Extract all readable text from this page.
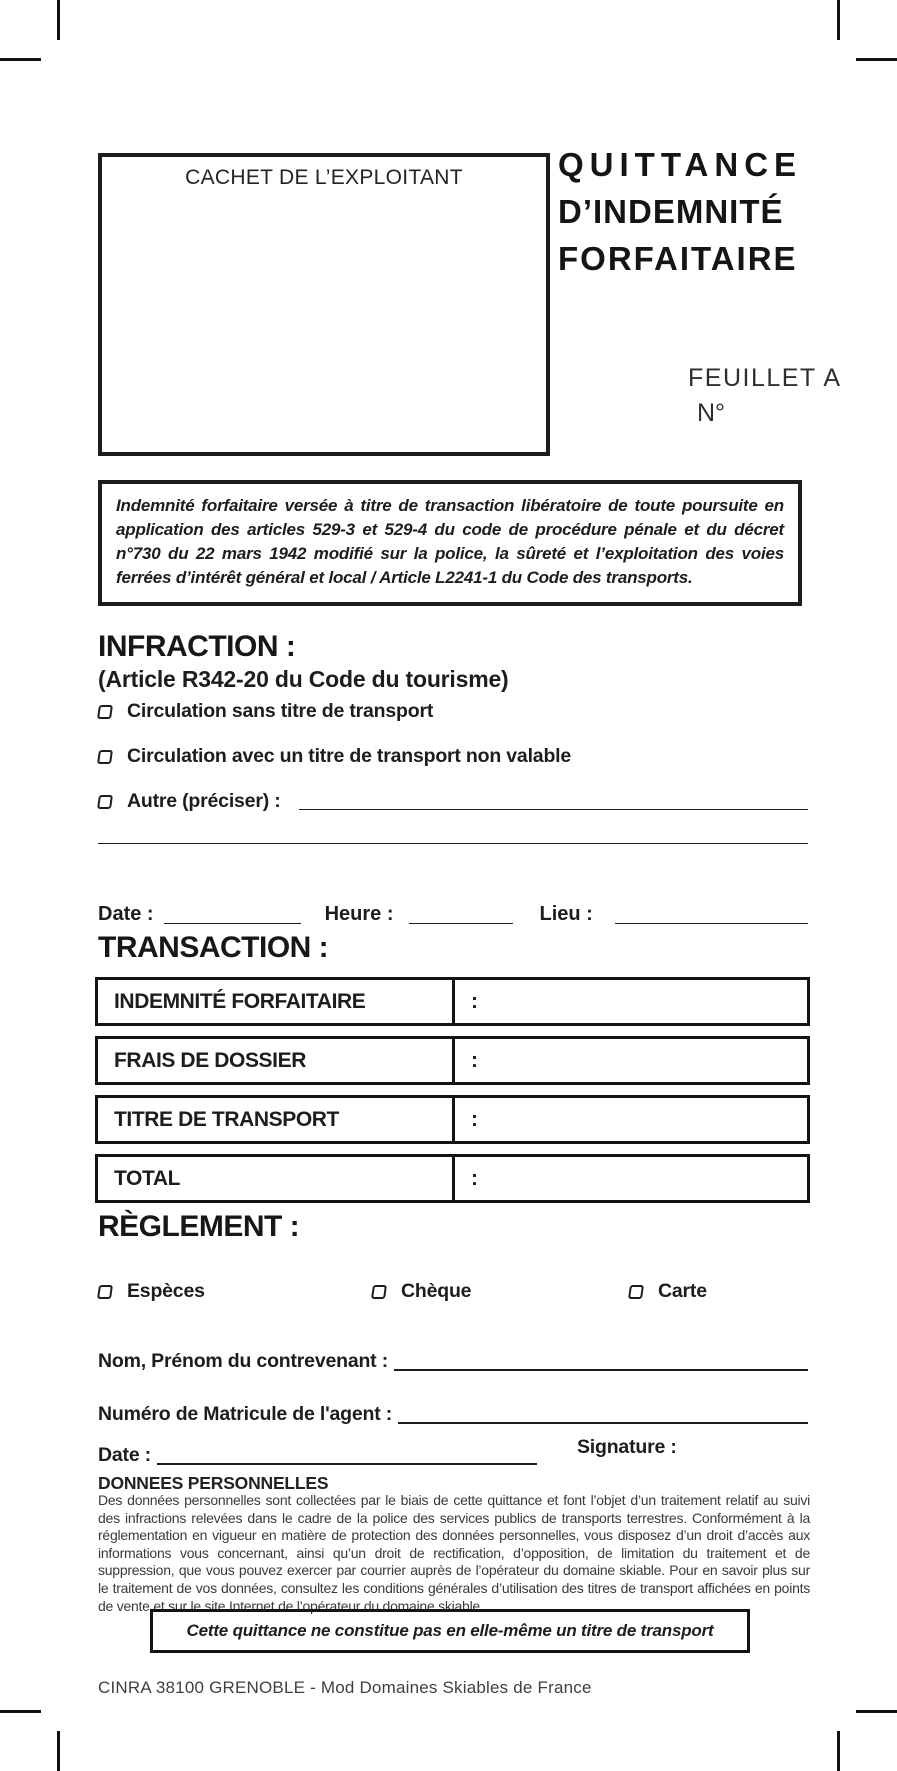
CACHET DE L’EXPLOITANT	QUITTANCE
D’INDEMNITÉ
FORFAITAIRE
FEUILLET A
N°
Indemnité forfaitaire versée à titre de transaction libératoire de toute poursuite en application des articles 529-3 et 529-4 du code de procédure pénale et du décret n°730 du 22 mars 1942 modifié sur la police, la sûreté et l’exploitation des voies ferrées d’intérêt général et local / Article L2241-1 du Code des transports.
INFRACTION :
(Article R342-20 du Code du tourisme)
Circulation sans titre de transport
Circulation avec un titre de transport non valable
Autre (préciser) :
Date :	Heure :	Lieu :
TRANSACTION :
INDEMNITÉ FORFAITAIRE	:
FRAIS DE DOSSIER	:
TITRE DE TRANSPORT	:
TOTAL	:
RÈGLEMENT :
Espèces	Chèque	Carte
Nom, Prénom du contrevenant :
Numéro de Matricule de l'agent :
Date :	Signature :
DONNEES PERSONNELLES
Des données personnelles sont collectées par le biais de cette quittance et font l’objet d’un traitement relatif au suivi des infractions relevées dans le cadre de la police des services publics de transports terrestres. Conformément à la réglementation en vigueur en matière de protection des données personnelles, vous disposez d’un droit d’accès aux informations vous concernant, ainsi qu’un droit de rectification, d’opposition, de limitation du traitement et de suppression, que vous pouvez exercer par courrier auprès de l’opérateur du domaine skiable. Pour en savoir plus sur le traitement de vos données, consultez les conditions générales d’utilisation des titres de transport affichées en points de vente et sur le site Internet de l’opérateur du domaine skiable.
Cette quittance ne constitue pas en elle-même un titre de transport
CINRA 38100 GRENOBLE - Mod Domaines Skiables de France
